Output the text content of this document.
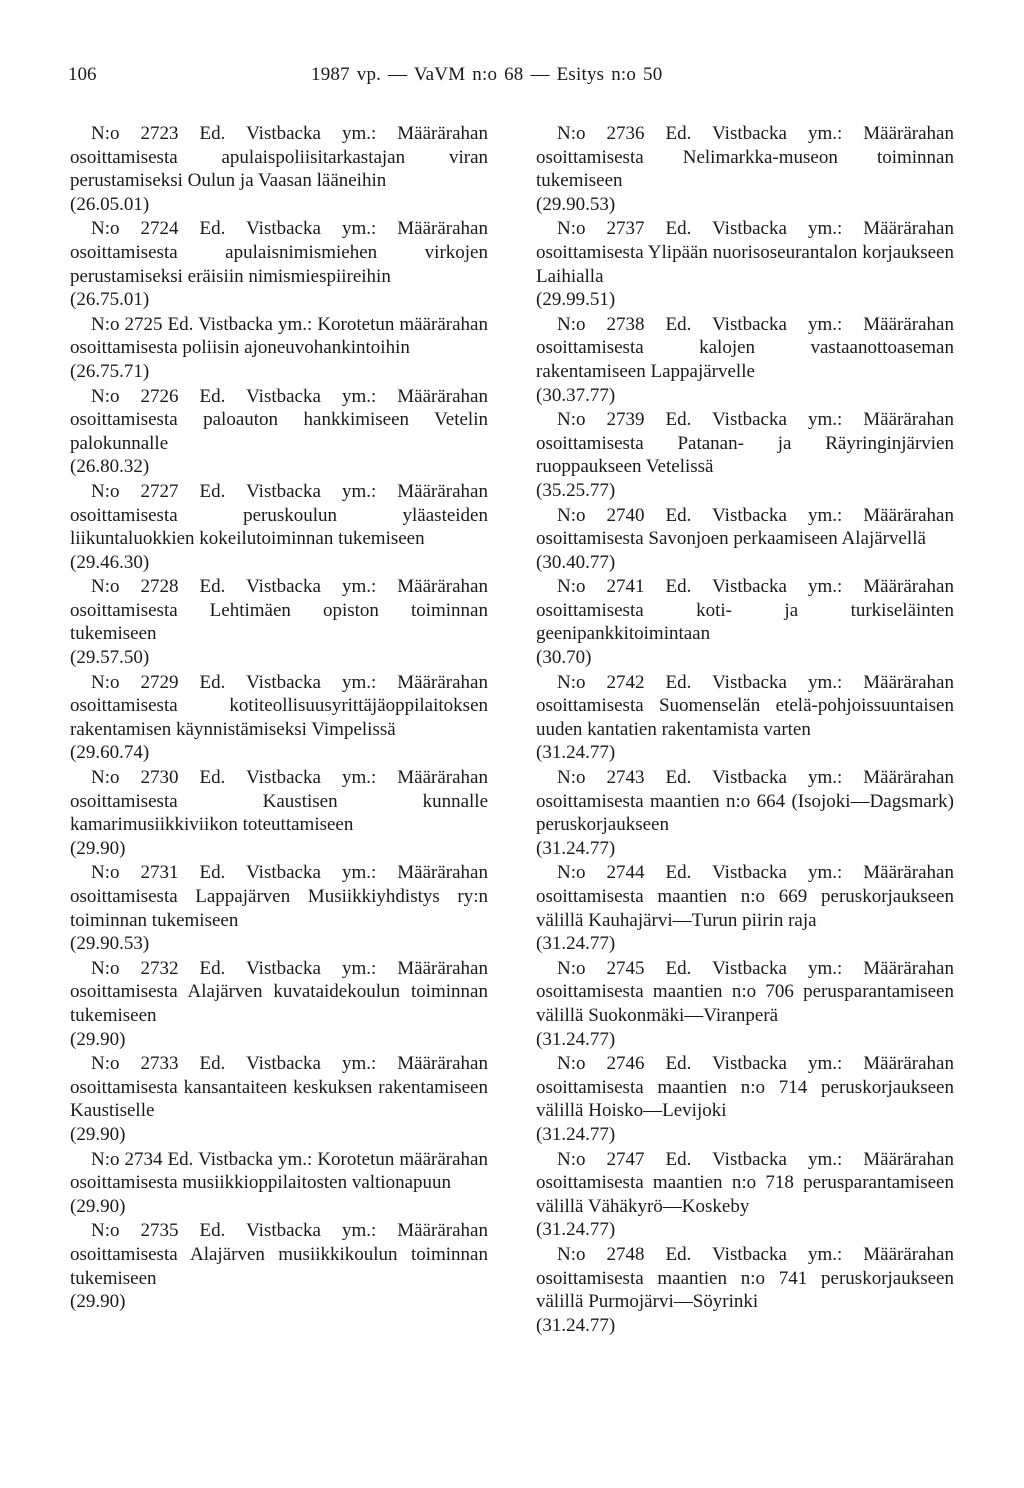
106	1987 vp. — VaVM n:o 68 — Esitys n:o 50
N:o 2723 Ed. Vistbacka ym.: Määrärahan osoittamisesta apulaispoliisitarkastajan viran perustamiseksi Oulun ja Vaasan lääneihin
(26.05.01)
N:o 2724 Ed. Vistbacka ym.: Määrärahan osoittamisesta apulaisnimismiehen virkojen perustamiseksi eräisiin nimismiespiireihin
(26.75.01)
N:o 2725 Ed. Vistbacka ym.: Korotetun määrärahan osoittamisesta poliisin ajoneuvohankintoihin
(26.75.71)
N:o 2726 Ed. Vistbacka ym.: Määrärahan osoittamisesta paloauton hankkimiseen Vetelin palokunnalle
(26.80.32)
N:o 2727 Ed. Vistbacka ym.: Määrärahan osoittamisesta peruskoulun yläasteiden liikuntaluokkien kokeilutoiminnan tukemiseen
(29.46.30)
N:o 2728 Ed. Vistbacka ym.: Määrärahan osoittamisesta Lehtimäen opiston toiminnan tukemiseen
(29.57.50)
N:o 2729 Ed. Vistbacka ym.: Määrärahan osoittamisesta kotiteollisuusyrittäjäoppilaitoksen rakentamisen käynnistämiseksi Vimpelissä
(29.60.74)
N:o 2730 Ed. Vistbacka ym.: Määrärahan osoittamisesta Kaustisen kunnalle kamarimusiikkiviikon toteuttamiseen
(29.90)
N:o 2731 Ed. Vistbacka ym.: Määrärahan osoittamisesta Lappajärven Musiikkiyhdistys ry:n toiminnan tukemiseen
(29.90.53)
N:o 2732 Ed. Vistbacka ym.: Määrärahan osoittamisesta Alajärven kuvataidekoulun toiminnan tukemiseen
(29.90)
N:o 2733 Ed. Vistbacka ym.: Määrärahan osoittamisesta kansantaiteen keskuksen rakentamiseen Kaustiselle
(29.90)
N:o 2734 Ed. Vistbacka ym.: Korotetun määrärahan osoittamisesta musiikkioppilaitosten valtionapuun
(29.90)
N:o 2735 Ed. Vistbacka ym.: Määrärahan osoittamisesta Alajärven musiikkikoulun toiminnan tukemiseen
(29.90)
N:o 2736 Ed. Vistbacka ym.: Määrärahan osoittamisesta Nelimarkka-museon toiminnan tukemiseen
(29.90.53)
N:o 2737 Ed. Vistbacka ym.: Määrärahan osoittamisesta Ylipään nuorisoseurantalon korjaukseen Laihialla
(29.99.51)
N:o 2738 Ed. Vistbacka ym.: Määrärahan osoittamisesta kalojen vastaanottoaseman rakentamiseen Lappajärvelle
(30.37.77)
N:o 2739 Ed. Vistbacka ym.: Määrärahan osoittamisesta Patanan- ja Räyringinjärvien ruoppaukseen Vetelissä
(35.25.77)
N:o 2740 Ed. Vistbacka ym.: Määrärahan osoittamisesta Savonjoen perkaamiseen Alajärvellä
(30.40.77)
N:o 2741 Ed. Vistbacka ym.: Määrärahan osoittamisesta koti- ja turkiseläinten geenipankkitoimintaan
(30.70)
N:o 2742 Ed. Vistbacka ym.: Määrärahan osoittamisesta Suomenselän etelä-pohjoissuuntaisen uuden kantatien rakentamista varten
(31.24.77)
N:o 2743 Ed. Vistbacka ym.: Määrärahan osoittamisesta maantien n:o 664 (Isojoki—Dagsmark) peruskorjaukseen
(31.24.77)
N:o 2744 Ed. Vistbacka ym.: Määrärahan osoittamisesta maantien n:o 669 peruskorjaukseen välillä Kauhajärvi—Turun piirin raja
(31.24.77)
N:o 2745 Ed. Vistbacka ym.: Määrärahan osoittamisesta maantien n:o 706 perusparantamiseen välillä Suokonmäki—Viranperä
(31.24.77)
N:o 2746 Ed. Vistbacka ym.: Määrärahan osoittamisesta maantien n:o 714 peruskorjaukseen välillä Hoisko—Levijoki
(31.24.77)
N:o 2747 Ed. Vistbacka ym.: Määrärahan osoittamisesta maantien n:o 718 perusparantamiseen välillä Vähäkyrö—Koskeby
(31.24.77)
N:o 2748 Ed. Vistbacka ym.: Määrärahan osoittamisesta maantien n:o 741 peruskorjaukseen välillä Purmojärvi—Söyrinki
(31.24.77)
